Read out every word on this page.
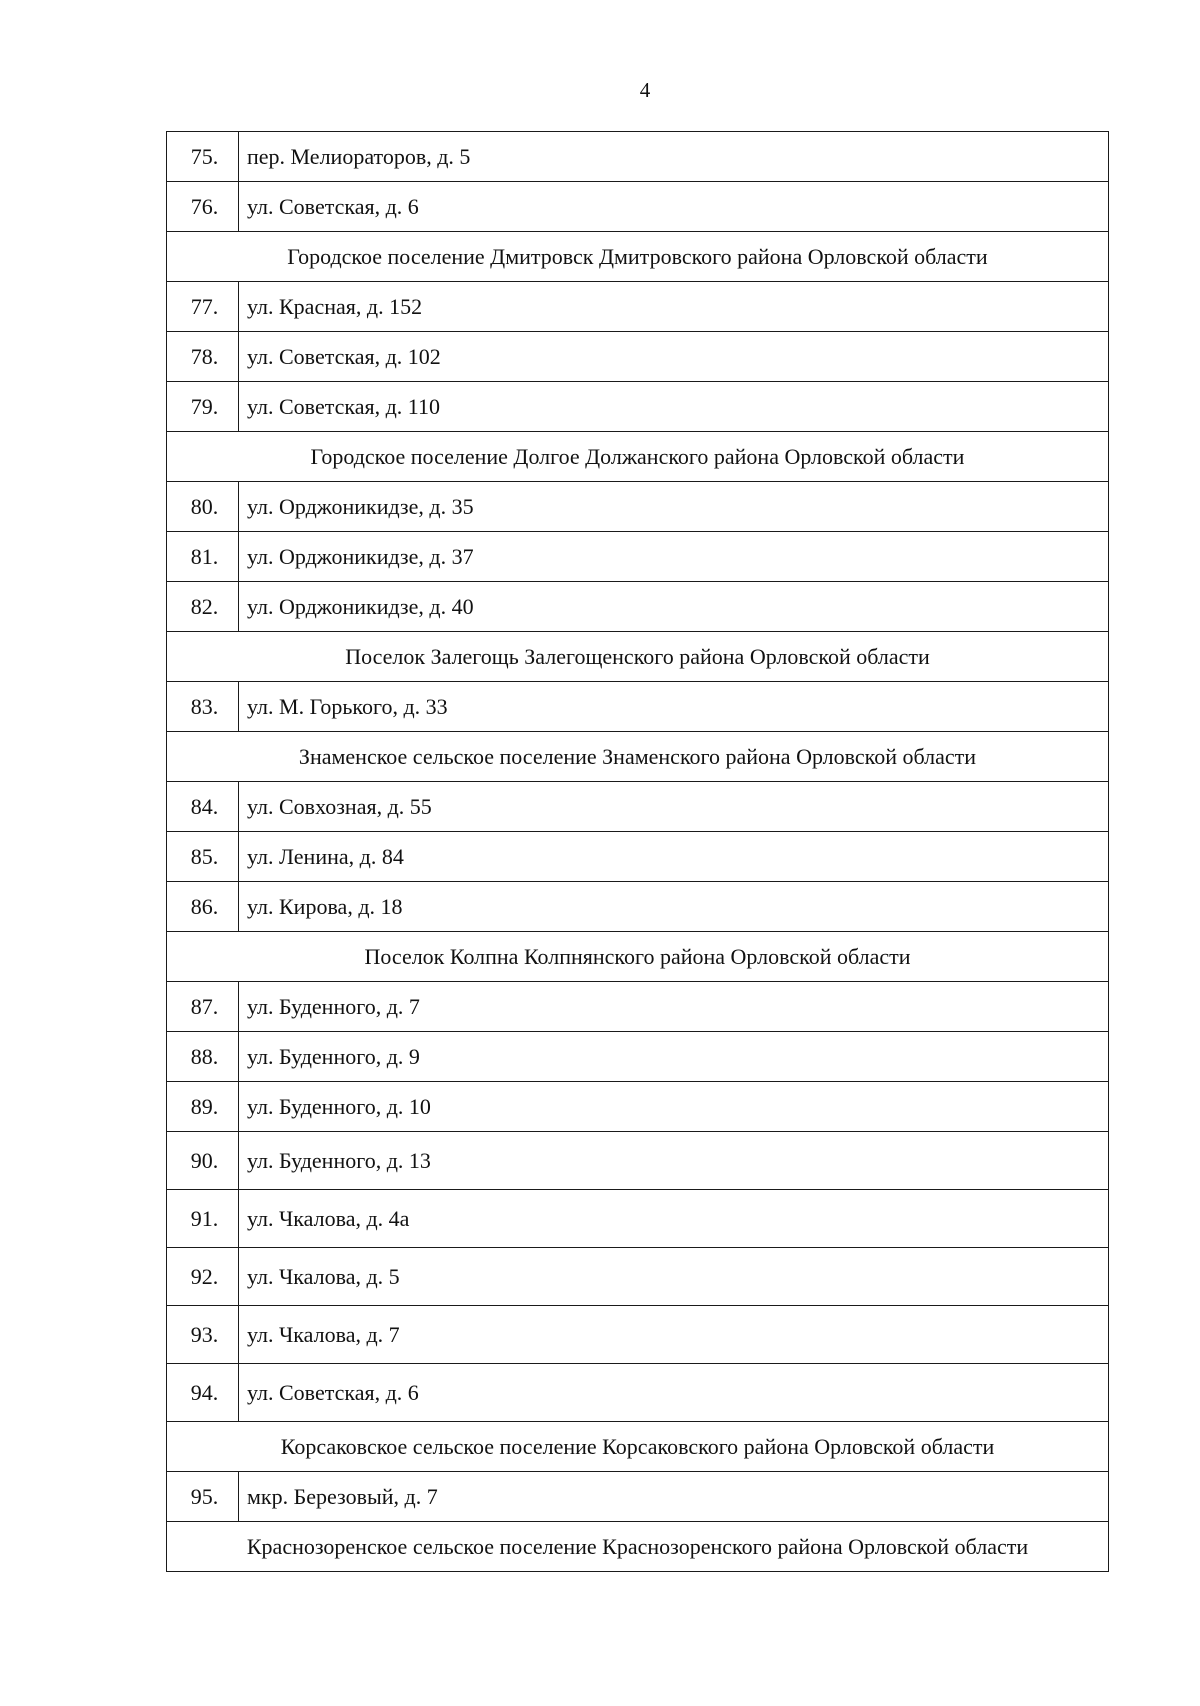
4
75.	пер. Мелиораторов, д. 5
76.	ул. Советская, д. 6
Городское поселение Дмитровск Дмитровского района Орловской области	
77.	ул. Красная, д. 152
78.	ул. Советская, д. 102
79.	ул. Советская, д. 110
Городское поселение Долгое Должанского района Орловской области	
80.	ул. Орджоникидзе, д. 35
81.	ул. Орджоникидзе, д. 37
82.	ул. Орджоникидзе, д. 40
Поселок Залегощь Залегощенского района Орловской области	
83.	ул. М. Горького, д. 33
Знаменское сельское поселение Знаменского района Орловской области	
84.	ул. Совхозная, д. 55
85.	ул. Ленина, д. 84
86.	ул. Кирова, д. 18
Поселок Колпна Колпнянского района Орловской области	
87.	ул. Буденного, д. 7
88.	ул. Буденного, д. 9
89.	ул. Буденного, д. 10
90.	ул. Буденного, д. 13
91.	ул. Чкалова, д. 4а
92.	ул. Чкалова, д. 5
93.	ул. Чкалова, д. 7
94.	ул. Советская, д. 6
Корсаковское сельское поселение Корсаковского района Орловской области	
95.	мкр. Березовый, д. 7
Краснозоренское сельское поселение Краснозоренского района Орловской области	
